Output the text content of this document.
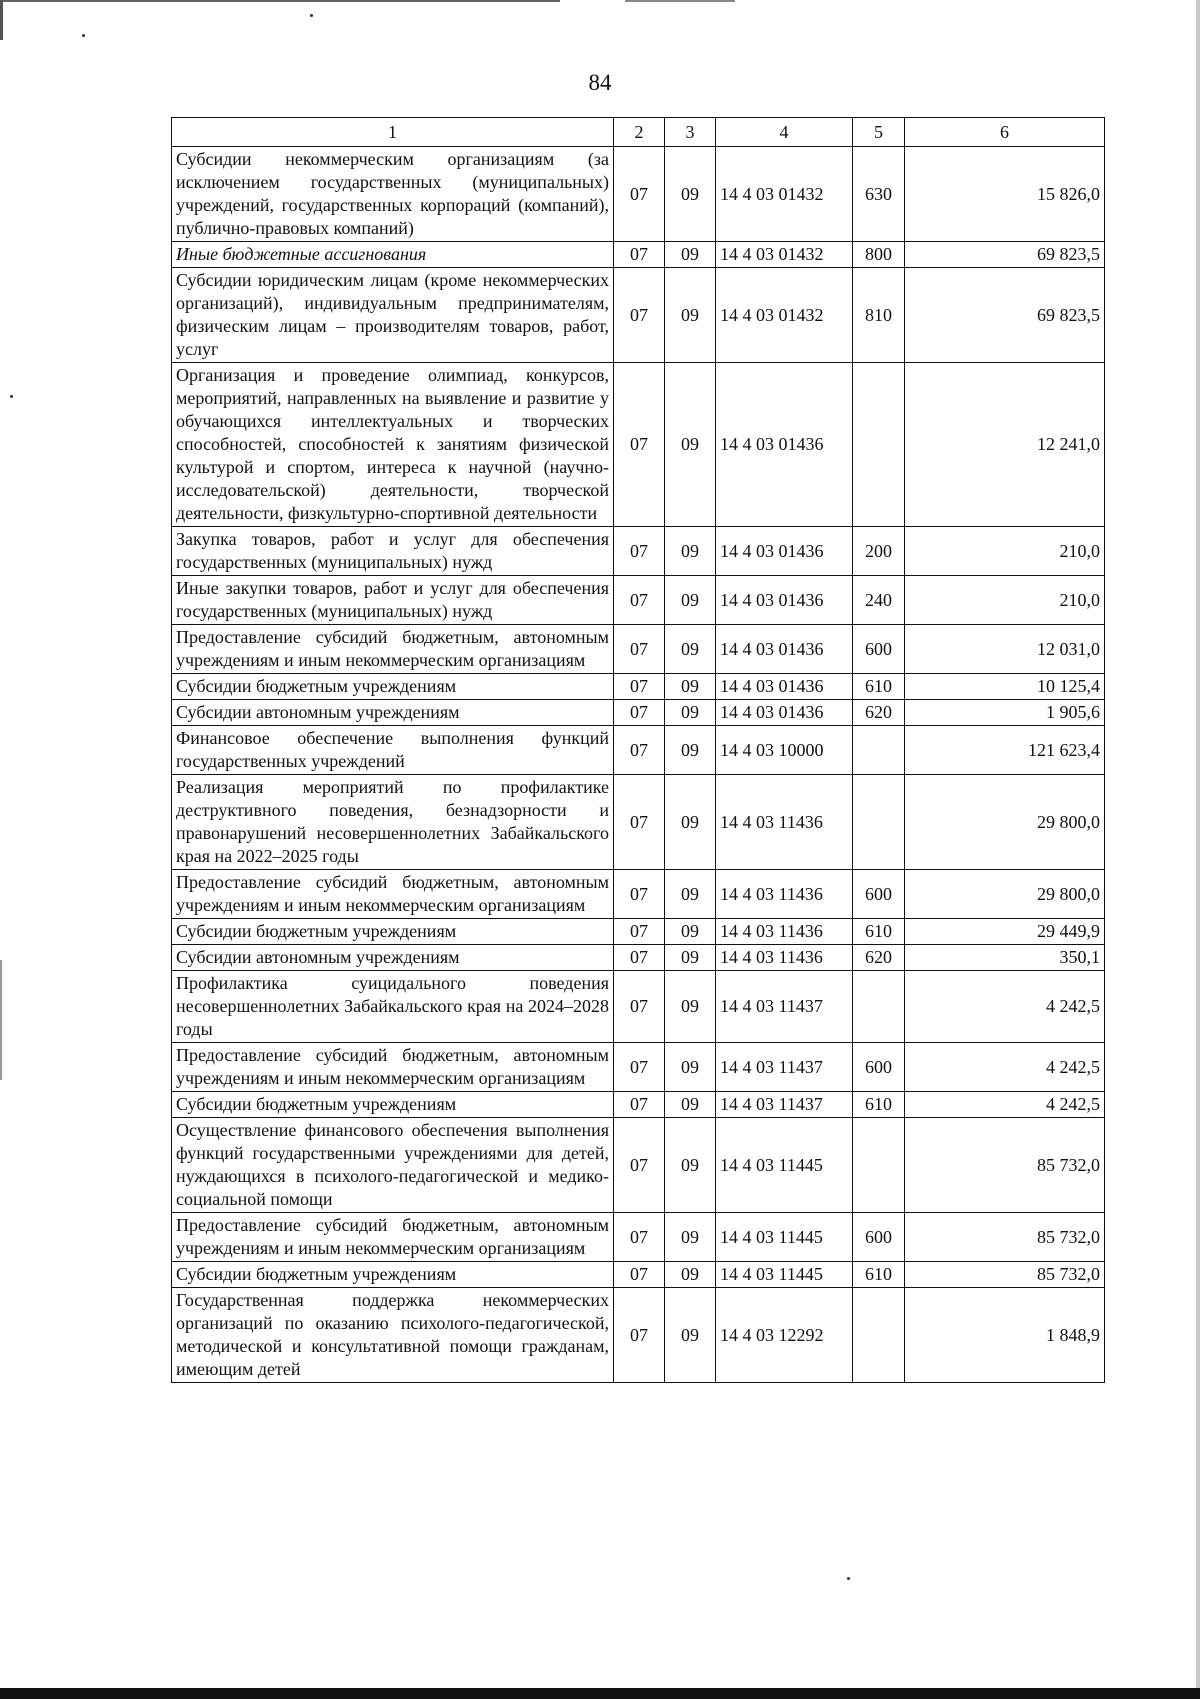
84
1	2	3	4	5	6
Субсидии некоммерческим организациям (за исключением государственных (муниципальных) учреждений, государственных корпораций (компаний), публично-правовых компаний)	07	09	14 4 03 01432	630	15 826,0
Иные бюджетные ассигнования	07	09	14 4 03 01432	800	69 823,5
Субсидии юридическим лицам (кроме некоммерческих организаций), индивидуальным предпринимателям, физическим лицам – производителям товаров, работ, услуг	07	09	14 4 03 01432	810	69 823,5
Организация и проведение олимпиад, конкурсов, мероприятий, направленных на выявление и развитие у обучающихся интеллектуальных и творческих способностей, способностей к занятиям физической культурой и спортом, интереса к научной (научно-исследовательской) деятельности, творческой деятельности, физкультурно-спортивной деятельности	07	09	14 4 03 01436		12 241,0
Закупка товаров, работ и услуг для обеспечения государственных (муниципальных) нужд	07	09	14 4 03 01436	200	210,0
Иные закупки товаров, работ и услуг для обеспечения государственных (муниципальных) нужд	07	09	14 4 03 01436	240	210,0
Предоставление субсидий бюджетным, автономным учреждениям и иным некоммерческим организациям	07	09	14 4 03 01436	600	12 031,0
Субсидии бюджетным учреждениям	07	09	14 4 03 01436	610	10 125,4
Субсидии автономным учреждениям	07	09	14 4 03 01436	620	1 905,6
Финансовое обеспечение выполнения функций государственных учреждений	07	09	14 4 03 10000		121 623,4
Реализация мероприятий по профилактике деструктивного поведения, безнадзорности и правонарушений несовершеннолетних Забайкальского края на 2022–2025 годы	07	09	14 4 03 11436		29 800,0
Предоставление субсидий бюджетным, автономным учреждениям и иным некоммерческим организациям	07	09	14 4 03 11436	600	29 800,0
Субсидии бюджетным учреждениям	07	09	14 4 03 11436	610	29 449,9
Субсидии автономным учреждениям	07	09	14 4 03 11436	620	350,1
Профилактика суицидального поведения несовершеннолетних Забайкальского края на 2024–2028 годы	07	09	14 4 03 11437		4 242,5
Предоставление субсидий бюджетным, автономным учреждениям и иным некоммерческим организациям	07	09	14 4 03 11437	600	4 242,5
Субсидии бюджетным учреждениям	07	09	14 4 03 11437	610	4 242,5
Осуществление финансового обеспечения выполнения функций государственными учреждениями для детей, нуждающихся в психолого-педагогической и медико-социальной помощи	07	09	14 4 03 11445		85 732,0
Предоставление субсидий бюджетным, автономным учреждениям и иным некоммерческим организациям	07	09	14 4 03 11445	600	85 732,0
Субсидии бюджетным учреждениям	07	09	14 4 03 11445	610	85 732,0
Государственная поддержка некоммерческих организаций по оказанию психолого-педагогической, методической и консультативной помощи гражданам, имеющим детей	07	09	14 4 03 12292		1 848,9
